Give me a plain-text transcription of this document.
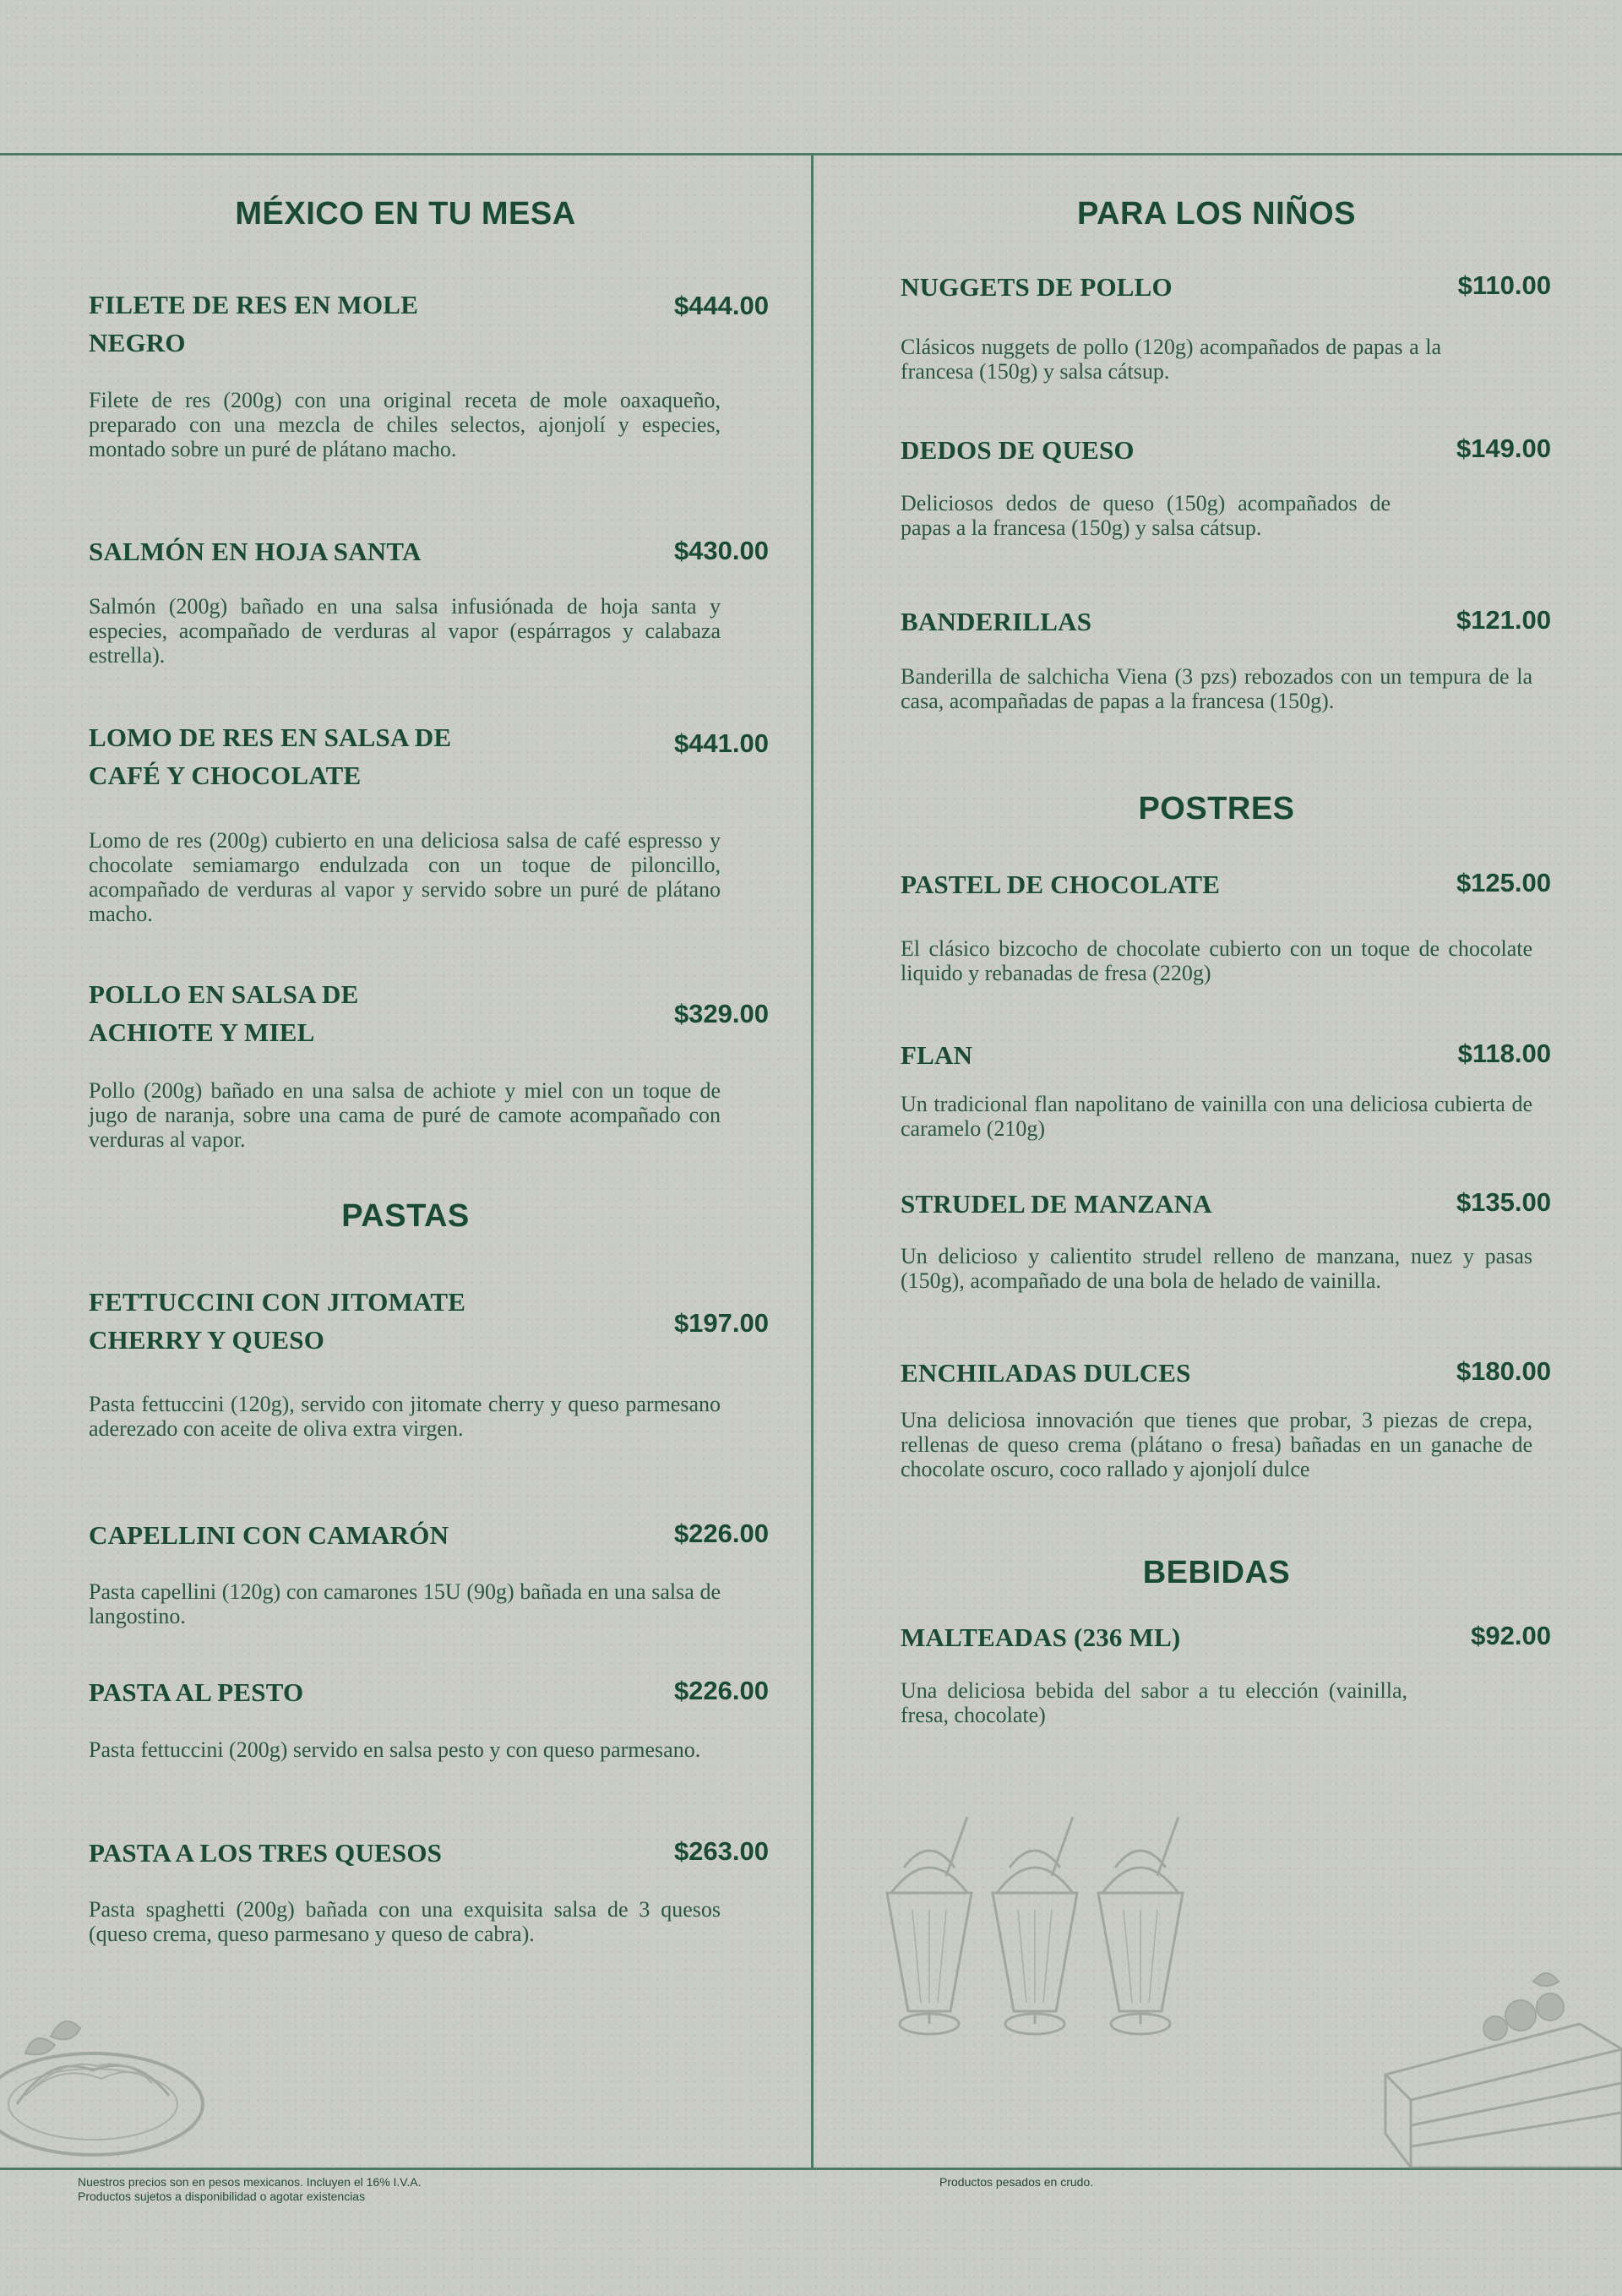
MÉXICO EN TU MESA
FILETE DE RES EN MOLE NEGRO
$444.00

Filete de res (200g) con una original receta de mole oaxaqueño, preparado con una mezcla de chiles selectos, ajonjolí y especies, montado sobre un puré de plátano macho.

SALMÓN EN HOJA SANTA	$430.00

Salmón (200g) bañado en una salsa infusiónada de hoja santa y especies, acompañado de verduras al vapor (espárragos y calabaza estrella).

LOMO DE RES EN SALSA DE CAFÉ Y CHOCOLATE
$441.00

Lomo de res (200g) cubierto en una deliciosa salsa de café espresso y chocolate semiamargo endulzada con un toque de piloncillo, acompañado de verduras al vapor y servido sobre un puré de plátano macho.

POLLO EN SALSA DE ACHIOTE Y MIEL
$329.00

Pollo (200g) bañado en una salsa de achiote y miel con un toque de jugo de naranja, sobre una cama de puré de camote acompañado con verduras al vapor.

PASTAS
FETTUCCINI CON JITOMATE CHERRY Y QUESO
$197.00

Pasta fettuccini (120g), servido con jitomate cherry y queso parmesano aderezado con aceite de oliva extra virgen.

CAPELLINI CON CAMARÓN	$226.00

Pasta capellini (120g) con camarones 15U (90g) bañada en una salsa de langostino.

PASTA AL PESTO	$226.00

Pasta fettuccini (200g) servido en salsa pesto y con queso parmesano.

PASTA A LOS TRES QUESOS	$263.00

Pasta spaghetti (200g) bañada con una exquisita salsa de 3 quesos (queso crema, queso parmesano y queso de cabra).

PARA LOS NIÑOS
NUGGETS DE POLLO	$110.00

Clásicos nuggets de pollo (120g) acompañados de papas a la francesa (150g) y salsa cátsup.

DEDOS DE QUESO	$149.00

Deliciosos dedos de queso (150g) acompañados de papas a la francesa (150g) y salsa cátsup.

BANDERILLAS	$121.00

Banderilla de salchicha Viena (3 pzs) rebozados con un tempura de la casa, acompañadas de papas a la francesa (150g).

POSTRES
PASTEL DE CHOCOLATE	$125.00

El clásico bizcocho de chocolate cubierto con un toque de chocolate liquido y rebanadas de fresa (220g)

FLAN	$118.00

Un tradicional flan napolitano de vainilla con una deliciosa cubierta de caramelo (210g)

STRUDEL DE MANZANA	$135.00

Un delicioso y calientito strudel relleno de manzana, nuez y pasas (150g), acompañado de una bola de helado de vainilla.

ENCHILADAS DULCES	$180.00

Una deliciosa innovación que tienes que probar, 3 piezas de crepa, rellenas de queso crema (plátano o fresa) bañadas en un ganache de chocolate oscuro, coco rallado y ajonjolí dulce

BEBIDAS
MALTEADAS (236 ML)	$92.00

Una deliciosa bebida del sabor a tu elección (vainilla, fresa, chocolate)

Nuestros precios son en pesos mexicanos. Incluyen el 16% I.V.A.

Productos sujetos a disponibilidad o agotar existencias

Productos pesados en crudo.
